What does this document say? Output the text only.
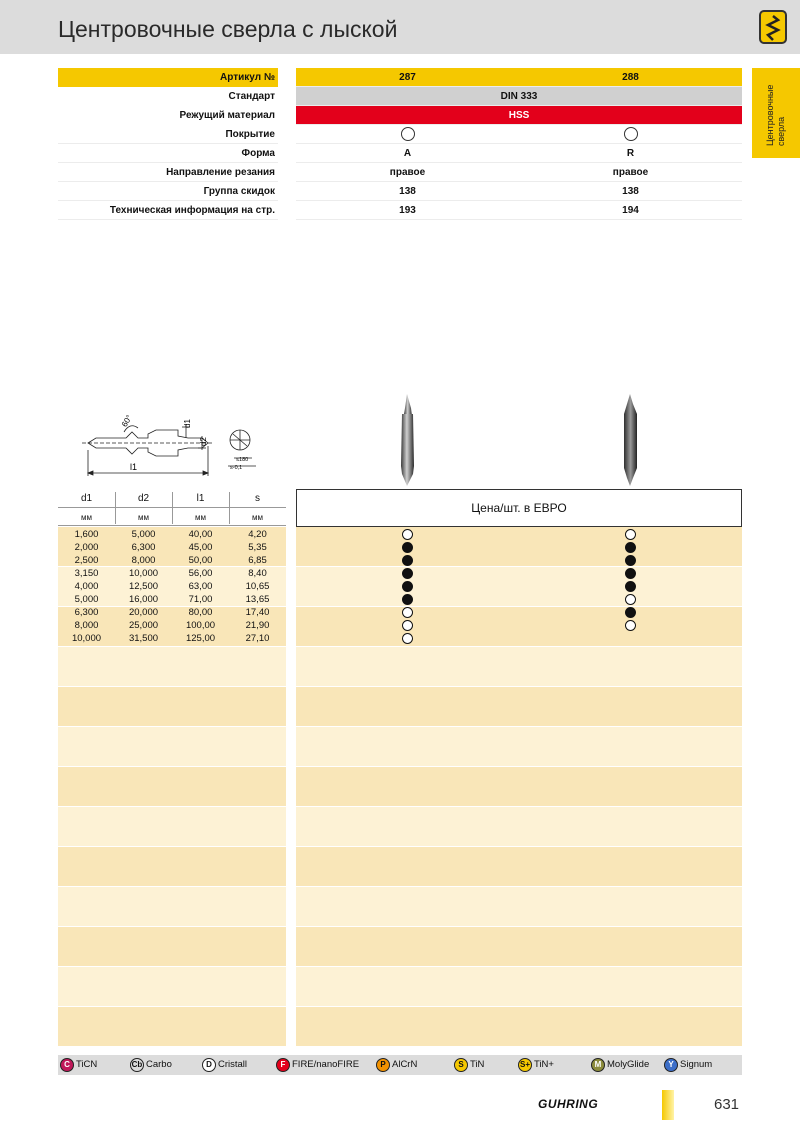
Центровочные сверла с лыской
Центровочные сверла
Артикул №	287	288
Стандарт	DIN 333
Режущий материал	HSS
Покрытие
Форма	A	R
Направление резания	правое	правое
Группа скидок	138	138
Техническая информация на стр.	193	194
60°	d1
d2
l1
≤180
s-0,1
d1	d2	l1	s
мм	мм	мм	мм
Цена/шт. в ЕВРО
1,600	5,000	40,00	4,20
2,000	6,300	45,00	5,35
2,500	8,000	50,00	6,85
3,150	10,000	56,00	8,40
4,000	12,500	63,00	10,65
5,000	16,000	71,00	13,65
6,300	20,000	80,00	17,40
8,000	25,000	100,00	21,90
10,000	31,500	125,00	27,10
C TiCN	Cb Carbo	D Cristall	F FIRE/nanoFIRE	P AlCrN	S TiN	S+ TiN+	M MolyGlide	Y Signum
GUHRING	631
